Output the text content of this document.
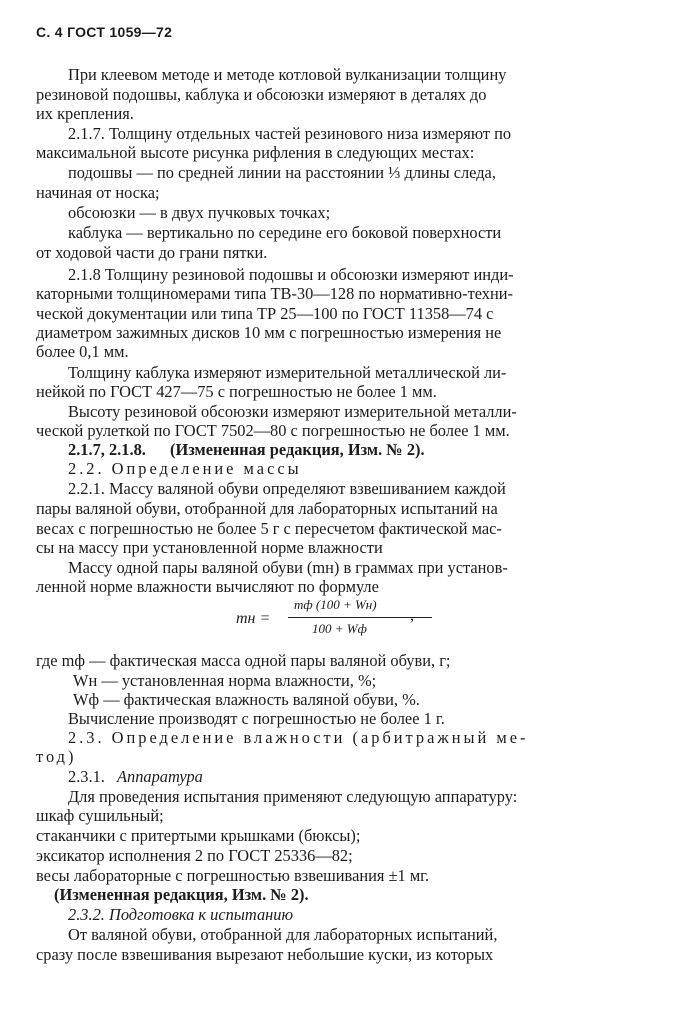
С. 4 ГОСТ 1059—72
При клеевом методе и методе котловой вулканизации толщину
резиновой подошвы, каблука и обсоюзки измеряют в деталях до
их крепления.
2.1.7. Толщину отдельных частей резинового низа измеряют по
максимальной высоте рисунка рифления в следующих местах:
подошвы — по средней линии на расстоянии ⅓ длины следа,
начиная от носка;
обсоюзки — в двух пучковых точках;
каблука — вертикально по середине его боковой поверхности
от ходовой части до грани пятки.
2.1.8 Толщину резиновой подошвы и обсоюзки измеряют инди-
каторными толщиномерами типа ТВ-30—128 по нормативно-техни-
ческой документации или типа ТР 25—100 по ГОСТ 11358—74 с
диаметром зажимных дисков 10 мм с погрешностью измерения не
более 0,1 мм.
Толщину каблука измеряют измерительной металлической ли-
нейкой по ГОСТ 427—75 с погрешностью не более 1 мм.
Высоту резиновой обсоюзки измеряют измерительной металли-
ческой рулеткой по ГОСТ 7502—80 с погрешностью не более 1 мм.
2.1.7, 2.1.8.	(Измененная редакция, Изм. № 2).
2.2. Определение массы
2.2.1. Массу валяной обуви определяют взвешиванием каждой
пары валяной обуви, отобранной для лабораторных испытаний на
весах с погрешностью не более 5 г с пересчетом фактической мас-
сы на массу при установленной норме влажности
Массу одной пары валяной обуви (mн) в граммах при установ-
ленной норме влажности вычисляют по формуле
mн =
mф (100 + Wн)
100 + Wф
,
где mф — фактическая масса одной пары валяной обуви, г;
Wн — установленная норма влажности, %;
Wф — фактическая влажность валяной обуви, %.
Вычисление производят с погрешностью не более 1 г.
2.3. Определение влажности (арбитражный ме-
тод)
2.3.1. Аппаратура
Для проведения испытания применяют следующую аппаратуру:
шкаф сушильный;
стаканчики с притертыми крышками (бюксы);
эксикатор исполнения 2 по ГОСТ 25336—82;
весы лабораторные с погрешностью взвешивания ±1 мг.
(Измененная редакция, Изм. № 2).
2.3.2. Подготовка к испытанию
От валяной обуви, отобранной для лабораторных испытаний,
сразу после взвешивания вырезают небольшие куски, из которых
